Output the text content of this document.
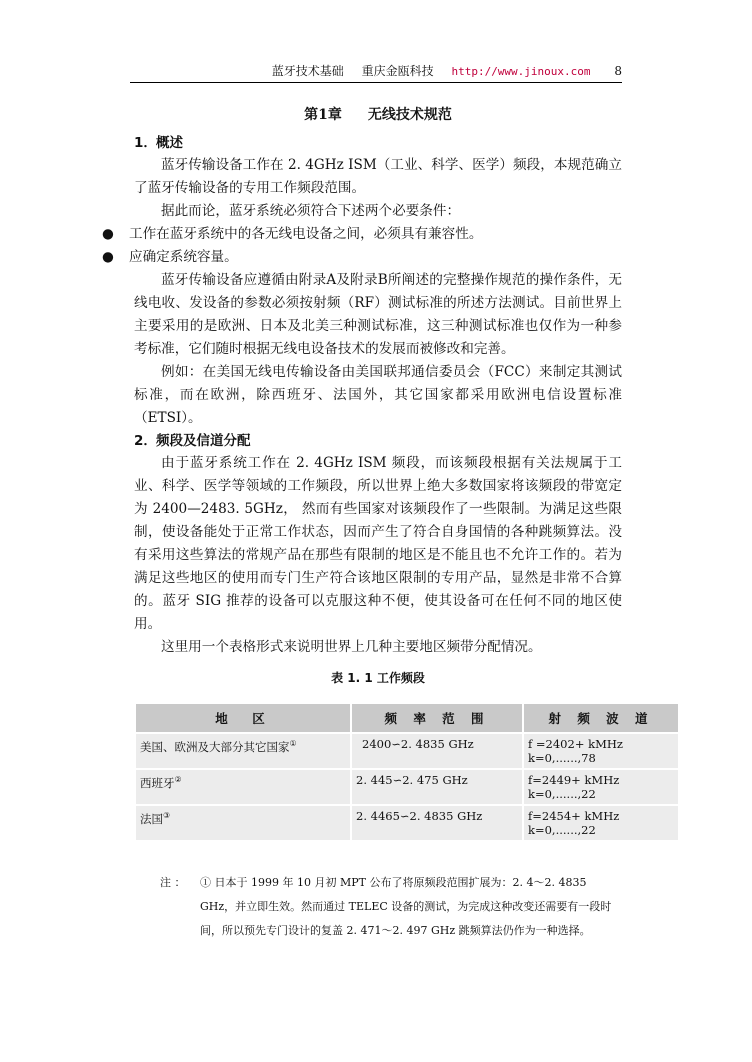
蓝牙技术基础 重庆金瓯科技 http://www.jinoux.com 8
第1章 无线技术规范
1．概述

蓝牙传输设备工作在 2. 4GHz ISM（工业、科学、医学）频段，本规范确立了蓝牙传输设备的专用工作频段范围。

据此而论，蓝牙系统必须符合下述两个必要条件：

● 工作在蓝牙系统中的各无线电设备之间，必须具有兼容性。
● 应确定系统容量。

蓝牙传输设备应遵循由附录A及附录B所阐述的完整操作规范的操作条件，无线电收、发设备的参数必须按射频（RF）测试标准的所述方法测试。目前世界上主要采用的是欧洲、日本及北美三种测试标准，这三种测试标准也仅作为一种参考标准，它们随时根据无线电设备技术的发展而被修改和完善。

例如：在美国无线电传输设备由美国联邦通信委员会（FCC）来制定其测试标准，而在欧洲，除西班牙、法国外，其它国家都采用欧洲电信设置标准（ETSI）。

2．频段及信道分配

由于蓝牙系统工作在 2. 4GHz ISM 频段，而该频段根据有关法规属于工业、科学、医学等领域的工作频段，所以世界上绝大多数国家将该频段的带宽定为 2400—2483. 5GHz， 然而有些国家对该频段作了一些限制。为满足这些限制，使设备能处于正常工作状态，因而产生了符合自身国情的各种跳频算法。没有采用这些算法的常规产品在那些有限制的地区是不能且也不允许工作的。若为满足这些地区的使用而专门生产符合该地区限制的专用产品，显然是非常不合算的。蓝牙 SIG 推荐的设备可以克服这种不便，使其设备可在任何不同的地区使用。

这里用一个表格形式来说明世界上几种主要地区频带分配情况。

表 1. 1 工作频段
地　区	频 率 范 围	射 频 波 道
美国、欧洲及大部分其它国家①	2400∽2. 4835 GHz	f =2402+ kMHz
k=0,......,78

西班牙②	2. 445∽2. 475 GHz	f=2449+ kMHz
k=0,......,22

法国③	2. 4465∽2. 4835 GHz	f=2454+ kMHz
k=0,......,22
注 ： ① 日本于 1999 年 10 月初 MPT 公布了将原频段范围扩展为：2. 4～2. 4835 GHz，并立即生效。然而通过 TELEC 设备的测试，为完成这种改变还需要有一段时间，所以预先专门设计的复盖 2. 471～2. 497 GHz 跳频算法仍作为一种选择。
